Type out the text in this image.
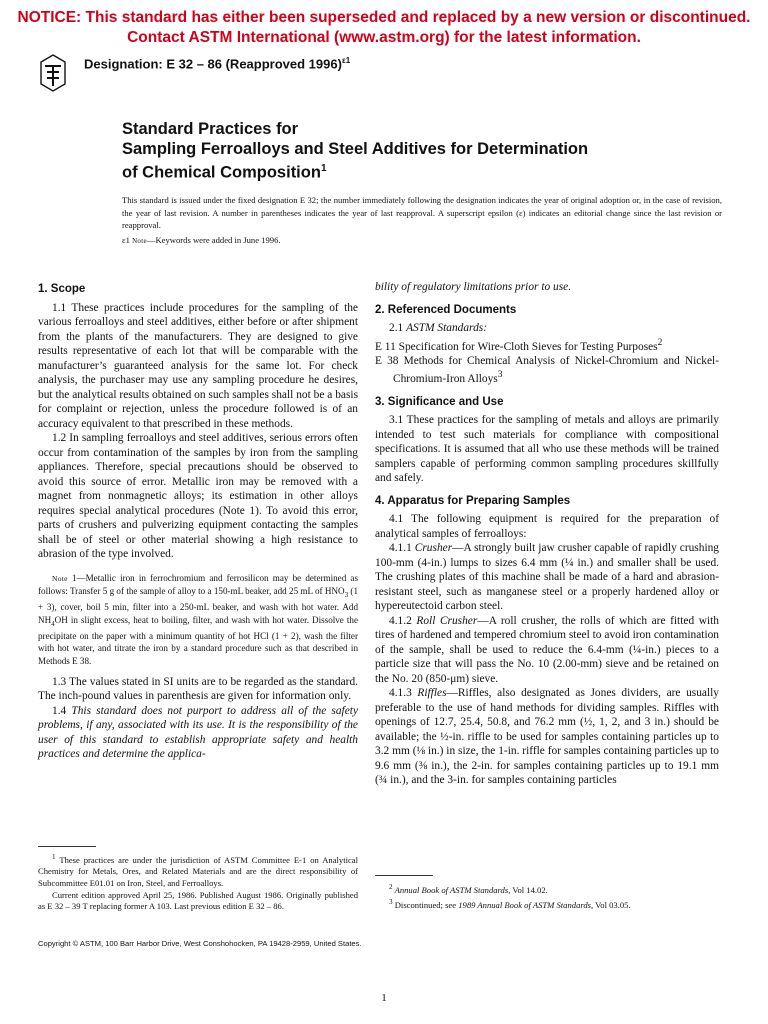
NOTICE: This standard has either been superseded and replaced by a new version or discontinued.
Contact ASTM International (www.astm.org) for the latest information.
Designation: E 32 – 86 (Reapproved 1996)$^{\varepsilon 1}$
Standard Practices for
Sampling Ferroalloys and Steel Additives for Determination
of Chemical Composition$^1$
This standard is issued under the fixed designation E 32; the number immediately following the designation indicates the year of original adoption or, in the case of revision, the year of last revision. A number in parentheses indicates the year of last reapproval. A superscript epsilon (ε) indicates an editorial change since the last revision or reapproval.
ε1 Note—Keywords were added in June 1996.
1. Scope

1.1 These practices include procedures for the sampling of the various ferroalloys and steel additives, either before or after shipment from the plants of the manufacturers. They are designed to give results representative of each lot that will be comparable with the manufacturer’s guaranteed analysis for the same lot. For check analysis, the purchaser may use any sampling procedure he desires, but the analytical results obtained on such samples shall not be a basis for complaint or rejection, unless the procedure followed is of an accuracy equivalent to that prescribed in these methods.

1.2 In sampling ferroalloys and steel additives, serious errors often occur from contamination of the samples by iron from the sampling appliances. Therefore, special precautions should be observed to avoid this source of error. Metallic iron may be removed with a magnet from nonmagnetic alloys; its estimation in other alloys requires special analytical procedures (Note 1). To avoid this error, parts of crushers and pulverizing equipment contacting the samples shall be of steel or other material showing a high resistance to abrasion of the type involved.

Note 1—Metallic iron in ferrochromium and ferrosilicon may be determined as follows: Transfer 5 g of the sample of alloy to a 150-mL beaker, add 25 mL of $HNO_3$ (1 + 3), cover, boil 5 min, filter into a 250-mL beaker, and wash with hot water. Add $NH_4OH$ in slight excess, heat to boiling, filter, and wash with hot water. Dissolve the precipitate on the paper with a minimum quantity of hot HCl (1 + 2), wash the filter with hot water, and titrate the iron by a standard procedure such as that described in Methods E 38.

1.3 The values stated in SI units are to be regarded as the standard. The inch-pound values in parenthesis are given for information only.

1.4 This standard does not purport to address all of the safety problems, if any, associated with its use. It is the responsibility of the user of this standard to establish appropriate safety and health practices and determine the applica-

$^1$ These practices are under the jurisdiction of ASTM Committee E-1 on Analytical Chemistry for Metals, Ores, and Related Materials and are the direct responsibility of Subcommittee E01.01 on Iron, Steel, and Ferroalloys.

Current edition approved April 25, 1986. Published August 1986. Originally published as E 32 – 39 T replacing former A 103. Last previous edition E 32 – 86.

bility of regulatory limitations prior to use.

2. Referenced Documents

2.1 ASTM Standards:

E 11 Specification for Wire-Cloth Sieves for Testing Purposes$^2$

E 38 Methods for Chemical Analysis of Nickel-Chromium and Nickel-Chromium-Iron Alloys$^3$

3. Significance and Use

3.1 These practices for the sampling of metals and alloys are primarily intended to test such materials for compliance with compositional specifications. It is assumed that all who use these methods will be trained samplers capable of performing common sampling procedures skillfully and safely.

4. Apparatus for Preparing Samples

4.1 The following equipment is required for the preparation of analytical samples of ferroalloys:

4.1.1 Crusher—A strongly built jaw crusher capable of rapidly crushing 100-mm (4-in.) lumps to sizes 6.4 mm (¼ in.) and smaller shall be used. The crushing plates of this machine shall be made of a hard and abrasion-resistant steel, such as manganese steel or a properly hardened alloy or hypereutectoid carbon steel.

4.1.2 Roll Crusher—A roll crusher, the rolls of which are fitted with tires of hardened and tempered chromium steel to avoid iron contamination of the sample, shall be used to reduce the 6.4-mm (¼-in.) pieces to a particle size that will pass the No. 10 (2.00-mm) sieve and be retained on the No. 20 (850-μm) sieve.

4.1.3 Riffles—Riffles, also designated as Jones dividers, are usually preferable to the use of hand methods for dividing samples. Riffles with openings of 12.7, 25.4, 50.8, and 76.2 mm (½, 1, 2, and 3 in.) should be available; the ½-in. riffle to be used for samples containing particles up to 3.2 mm (⅛ in.) in size, the 1-in. riffle for samples containing particles up to 9.6 mm (⅜ in.), the 2-in. for samples containing particles up to 19.1 mm (¾ in.), and the 3-in. for samples containing particles

$^2$ Annual Book of ASTM Standards, Vol 14.02.

$^3$ Discontinued; see 1989 Annual Book of ASTM Standards, Vol 03.05.

Copyright © ASTM, 100 Barr Harbor Drive, West Conshohocken, PA 19428-2959, United States.
1
